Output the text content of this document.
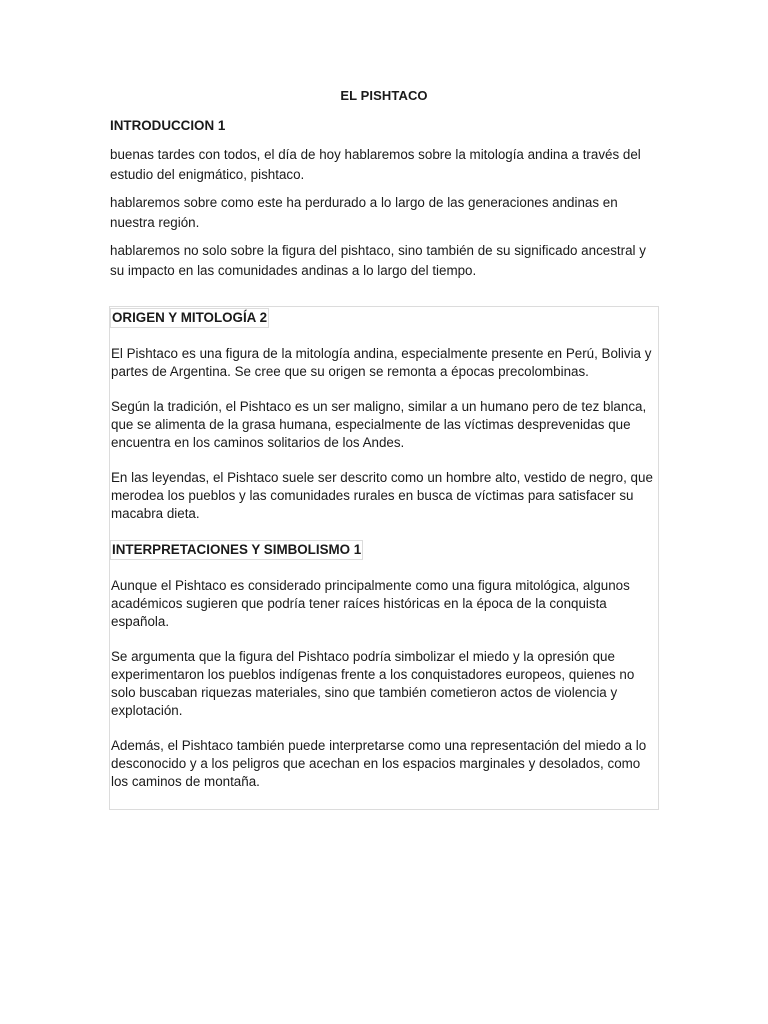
EL PISHTACO
INTRODUCCION 1

buenas tardes con todos, el día de hoy hablaremos sobre la mitología andina a través del estudio del enigmático, pishtaco.

hablaremos sobre como este ha perdurado a lo largo de las generaciones andinas en nuestra región.

hablaremos no solo sobre la figura del pishtaco, sino también de su significado ancestral y su impacto en las comunidades andinas a lo largo del tiempo.

ORIGEN Y MITOLOGÍA 2

El Pishtaco es una figura de la mitología andina, especialmente presente en Perú, Bolivia y partes de Argentina. Se cree que su origen se remonta a épocas precolombinas.

Según la tradición, el Pishtaco es un ser maligno, similar a un humano pero de tez blanca, que se alimenta de la grasa humana, especialmente de las víctimas desprevenidas que encuentra en los caminos solitarios de los Andes.

En las leyendas, el Pishtaco suele ser descrito como un hombre alto, vestido de negro, que merodea los pueblos y las comunidades rurales en busca de víctimas para satisfacer su macabra dieta.

INTERPRETACIONES Y SIMBOLISMO 1

Aunque el Pishtaco es considerado principalmente como una figura mitológica, algunos académicos sugieren que podría tener raíces históricas en la época de la conquista española.

Se argumenta que la figura del Pishtaco podría simbolizar el miedo y la opresión que experimentaron los pueblos indígenas frente a los conquistadores europeos, quienes no solo buscaban riquezas materiales, sino que también cometieron actos de violencia y explotación.

Además, el Pishtaco también puede interpretarse como una representación del miedo a lo desconocido y a los peligros que acechan en los espacios marginales y desolados, como los caminos de montaña.
